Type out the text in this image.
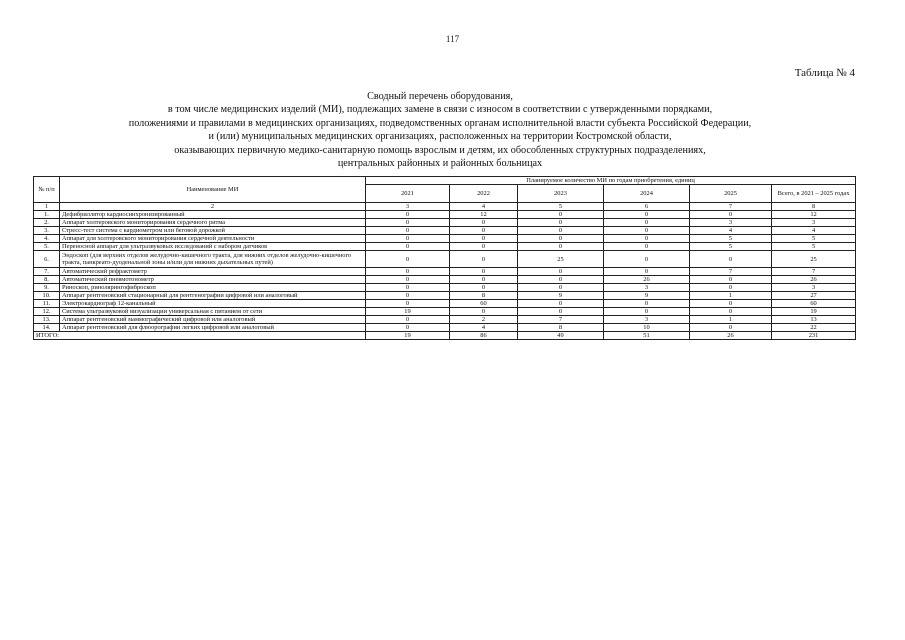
117
Таблица № 4
Сводный перечень оборудования,
в том числе медицинских изделий (МИ), подлежащих замене в связи с износом в соответствии с утвержденными порядками,
положениями и правилами в медицинских организациях, подведомственных органам исполнительной власти субъекта Российской Федерации,
и (или) муниципальных медицинских организациях, расположенных на территории Костромской области,
оказывающих первичную медико-санитарную помощь взрослым и детям, их обособленных структурных подразделениях,
центральных районных и районных больницах
№ п/п	Наименование МИ	Планируемое количество МИ по годам приобретения, единиц					
		2021	2022	2023	2024	2025	Всего, в 2021 – 2025 годах
1	2	3	4	5	6	7	8
1.	Дефибриллятор кардиосинхронизированный	0	12	0	0	0	12
2.	Аппарат холтеровского мониторирования сердечного ритма	0	0	0	0	3	3
3.	Стресс-тест система с кардиометром или беговой дорожкой	0	0	0	0	4	4
4.	Аппарат для холтеровского мониторирования сердечной деятельности	0	0	0	0	5	5
5.	Переносной аппарат для ультразвуковых исследований с набором датчиков	0	0	0	0	5	5
6.	Эндоскоп (для верхних отделов желудочно-кишечного тракта, для нижних отделов желудочно-кишечного тракта, панкреато-дуоденальной зоны и/или для нижних дыхательных путей)	0	0	25	0	0	25
7.	Автоматический рефрактометр	0	0	0	0	7	7
8.	Автоматический пневмотонометр	0	0	0	26	0	26
9.	Риноскоп, ринолярингофиброскоп	0	0	0	3	0	3
10.	Аппарат рентгеновский стационарный для рентгенографии цифровой или аналоговый	0	8	9	9	1	27
11.	Электрокардиограф 12-канальный	0	60	0	0	0	60
12.	Система ультразвуковой визуализации универсальная с питанием от сети	19	0	0	0	0	19
13.	Аппарат рентгеновский маммографический цифровой или аналоговый	0	2	7	3	1	13
14.	Аппарат рентгеновский для флюорографии легких цифровой или аналоговый	0	4	8	10	0	22
ИТОГО:		19	86	49	51	26	231
